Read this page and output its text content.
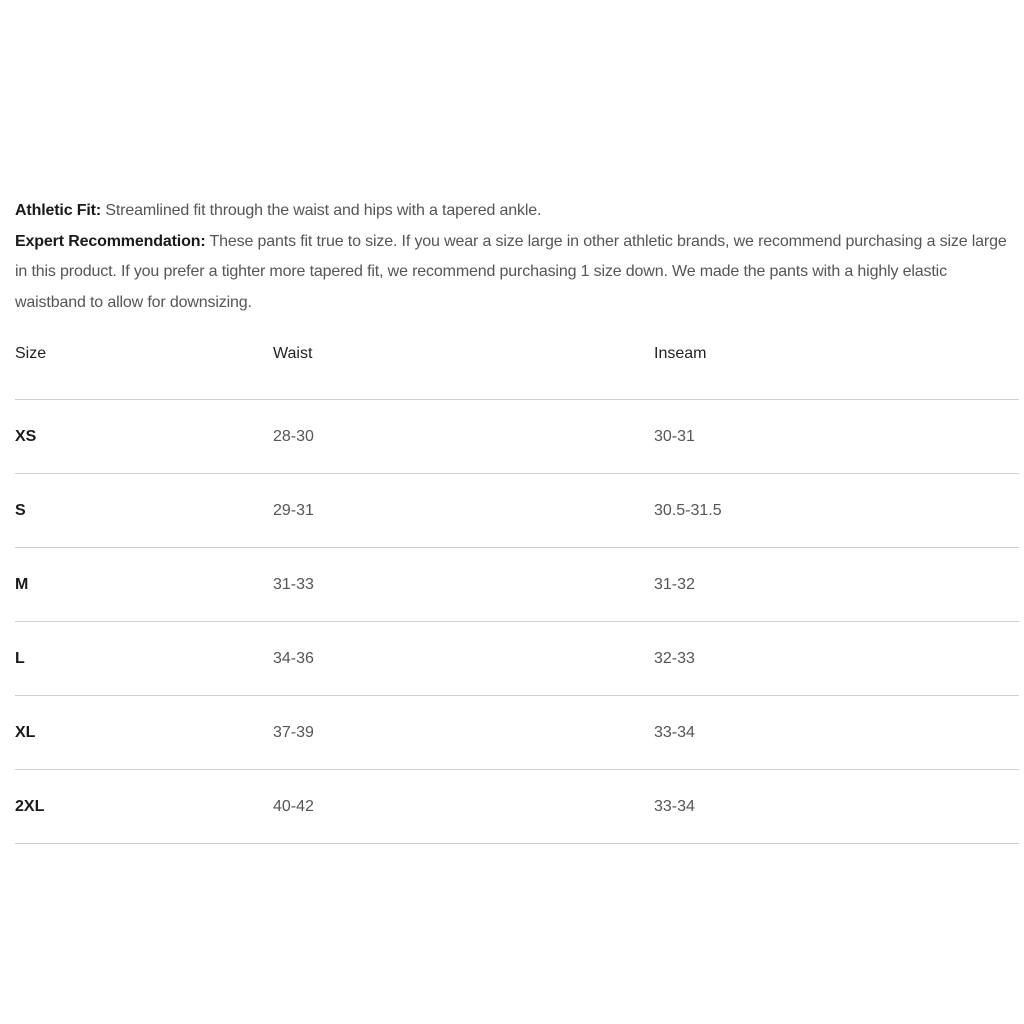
Athletic Fit: Streamlined fit through the waist and hips with a tapered ankle.

Expert Recommendation: These pants fit true to size. If you wear a size large in other athletic brands, we recommend purchasing a size large in this product. If you prefer a tighter more tapered fit, we recommend purchasing 1 size down. We made the pants with a highly elastic waistband to allow for downsizing.

Size	Waist	Inseam
XS	28-30	30-31
S	29-31	30.5-31.5
M	31-33	31-32
L	34-36	32-33
XL	37-39	33-34
2XL	40-42	33-34
